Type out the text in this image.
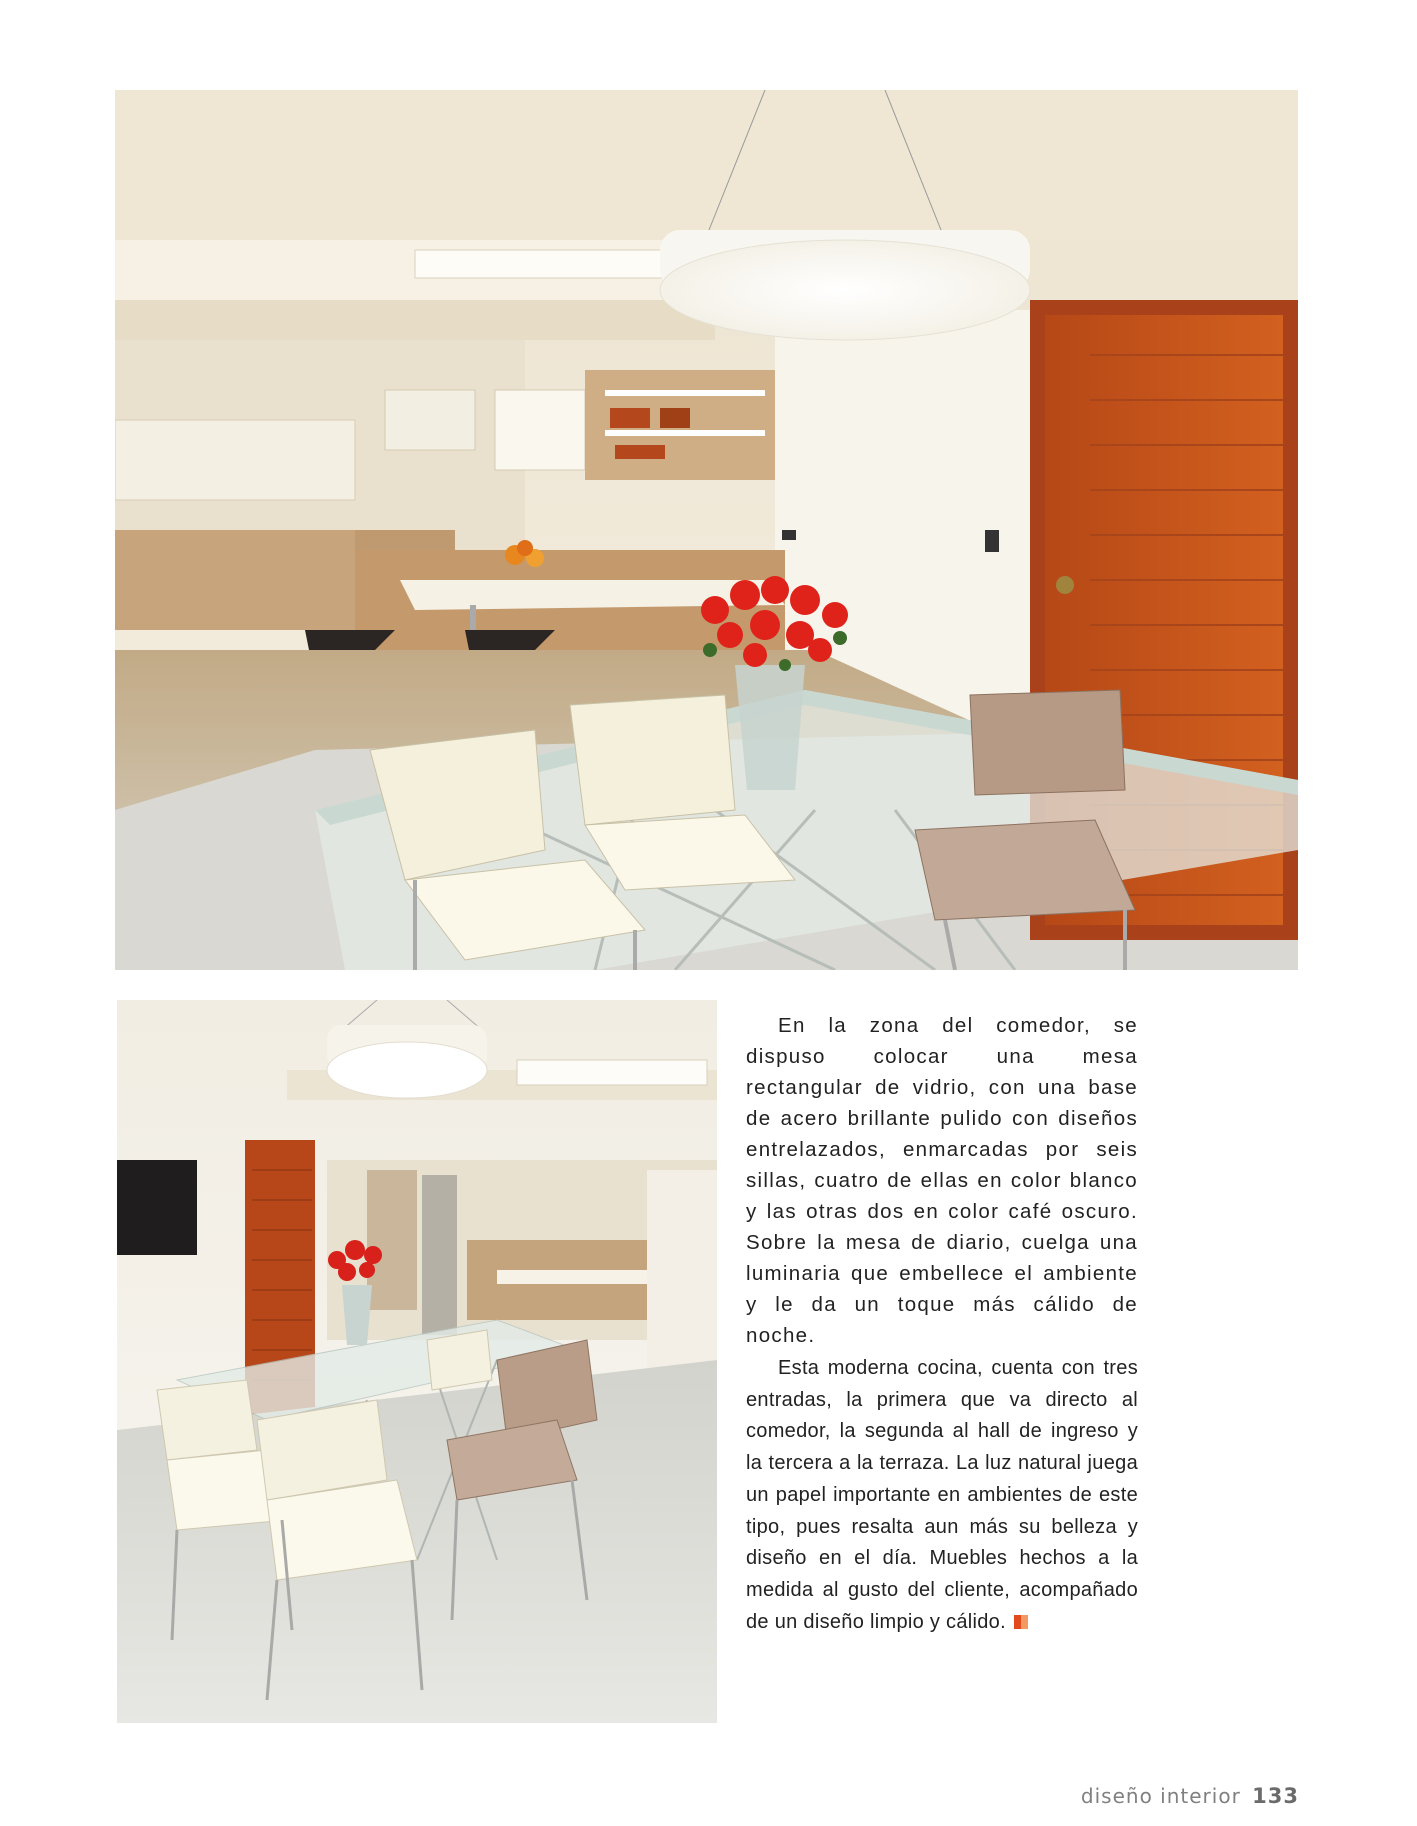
En la zona del comedor, se dispuso colocar una mesa rectangular de vidrio, con una base de acero brillante pulido con diseños entrelazados, enmarcadas por seis sillas, cuatro de ellas en color blanco y las otras dos en color café oscuro. Sobre la mesa de diario, cuelga una luminaria que embellece el ambiente y le da un toque más cálido de noche.

Esta moderna cocina, cuenta con tres entradas, la primera que va directo al comedor, la segunda al hall de ingreso y la tercera a la terraza. La luz natural juega un papel importante en ambientes de este tipo, pues resalta aun más su belleza y diseño en el día. Muebles hechos a la medida al gusto del cliente, acompañado de un diseño limpio y cálido.

diseño interior 133
